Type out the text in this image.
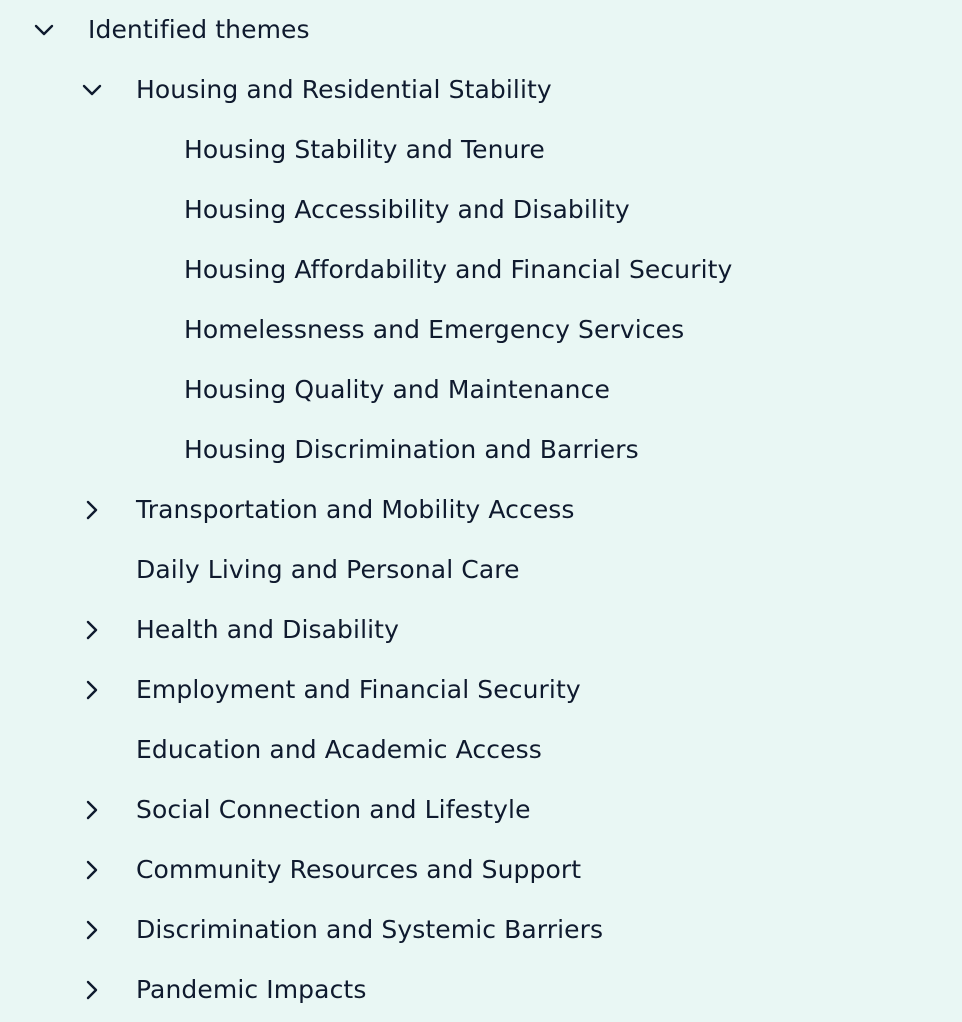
Identified themes
Housing and Residential Stability
Housing Stability and Tenure
Housing Accessibility and Disability
Housing Affordability and Financial Security
Homelessness and Emergency Services
Housing Quality and Maintenance
Housing Discrimination and Barriers
Transportation and Mobility Access
Daily Living and Personal Care
Health and Disability
Employment and Financial Security
Education and Academic Access
Social Connection and Lifestyle
Community Resources and Support
Discrimination and Systemic Barriers
Pandemic Impacts
